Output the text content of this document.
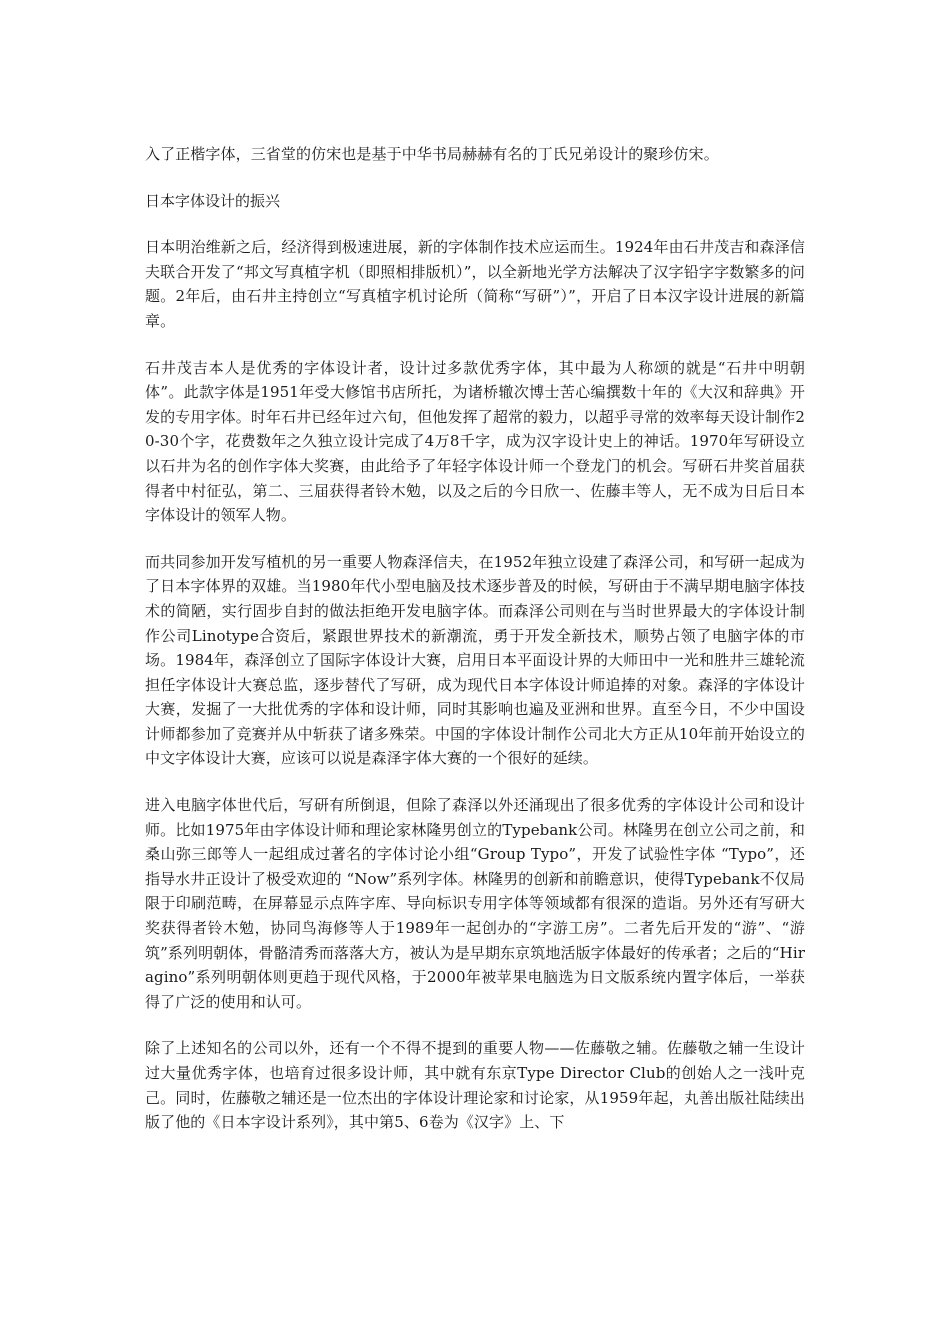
入了正楷字体，三省堂的仿宋也是基于中华书局赫赫有名的丁氏兄弟设计的聚珍仿宋。

日本字体设计的振兴

日本明治维新之后，经济得到极速进展，新的字体制作技术应运而生。1924年由石井茂吉和森泽信夫联合开发了“邦文写真植字机（即照相排版机）”，以全新地光学方法解决了汉字铅字字数繁多的问题。2年后，由石井主持创立“写真植字机讨论所（简称“写研”）”，开启了日本汉字设计进展的新篇章。

石井茂吉本人是优秀的字体设计者，设计过多款优秀字体，其中最为人称颂的就是“石井中明朝体”。此款字体是1951年受大修馆书店所托，为诸桥辙次博士苦心编撰数十年的《大汉和辞典》开发的专用字体。时年石井已经年过六旬，但他发挥了超常的毅力，以超乎寻常的效率每天设计制作20-30个字，花费数年之久独立设计完成了4万8千字，成为汉字设计史上的神话。1970年写研设立以石井为名的创作字体大奖赛，由此给予了年轻字体设计师一个登龙门的机会。写研石井奖首届获得者中村征弘，第二、三届获得者铃木勉，以及之后的今日欣一、佐藤丰等人，无不成为日后日本字体设计的领军人物。

而共同参加开发写植机的另一重要人物森泽信夫，在1952年独立设建了森泽公司，和写研一起成为了日本字体界的双雄。当1980年代小型电脑及技术逐步普及的时候，写研由于不满早期电脑字体技术的简陋，实行固步自封的做法拒绝开发电脑字体。而森泽公司则在与当时世界最大的字体设计制作公司Linotype合资后，紧跟世界技术的新潮流，勇于开发全新技术，顺势占领了电脑字体的市场。1984年，森泽创立了国际字体设计大赛，启用日本平面设计界的大师田中一光和胜井三雄轮流担任字体设计大赛总监，逐步替代了写研，成为现代日本字体设计师追捧的对象。森泽的字体设计大赛，发掘了一大批优秀的字体和设计师，同时其影响也遍及亚洲和世界。直至今日，不少中国设计师都参加了竞赛并从中斩获了诸多殊荣。中国的字体设计制作公司北大方正从10年前开始设立的中文字体设计大赛，应该可以说是森泽字体大赛的一个很好的延续。

进入电脑字体世代后，写研有所倒退，但除了森泽以外还涌现出了很多优秀的字体设计公司和设计师。比如1975年由字体设计师和理论家林隆男创立的Typebank公司。林隆男在创立公司之前，和桑山弥三郎等人一起组成过著名的字体讨论小组“Group Typo”，开发了试验性字体 “Typo”，还指导水井正设计了极受欢迎的 “Now”系列字体。林隆男的创新和前瞻意识，使得Typebank不仅局限于印刷范畴，在屏幕显示点阵字库、导向标识专用字体等领域都有很深的造诣。另外还有写研大奖获得者铃木勉，协同鸟海修等人于1989年一起创办的“字游工房”。二者先后开发的“游”、“游筑”系列明朝体，骨骼清秀而落落大方，被认为是早期东京筑地活版字体最好的传承者；之后的“Hiragino”系列明朝体则更趋于现代风格，于2000年被苹果电脑选为日文版系统内置字体后，一举获得了广泛的使用和认可。

除了上述知名的公司以外，还有一个不得不提到的重要人物——佐藤敬之辅。佐藤敬之辅一生设计过大量优秀字体，也培育过很多设计师，其中就有东京Type Director Club的创始人之一浅叶克己。同时，佐藤敬之辅还是一位杰出的字体设计理论家和讨论家，从1959年起，丸善出版社陆续出版了他的《日本字设计系列》，其中第5、6卷为《汉字》上、下
